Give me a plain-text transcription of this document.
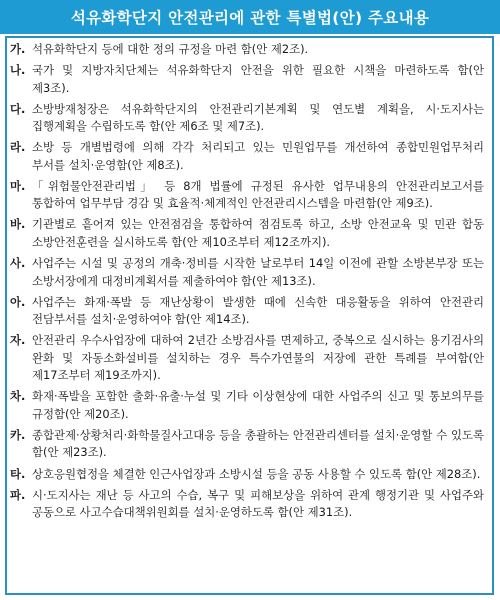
석유화학단지 안전관리에 관한 특별법(안) 주요내용
가. 석유화학단지 등에 대한 정의 규정을 마련 함(안 제2조).
나. 국가 및 지방자치단체는 석유화학단지 안전을 위한 필요한 시책을 마련하도록 함(안 제3조).
다. 소방방재청장은 석유화학단지의 안전관리기본계획 및 연도별 계획을, 시·도지사는 집행계획을 수립하도록 함(안 제6조 및 제7조).
라. 소방 등 개별법령에 의해 각각 처리되고 있는 민원업무를 개선하여 종합민원업무처리 부서를 설치·운영함(안 제8조).
마. 「위험물안전관리법」 등 8개 법률에 규정된 유사한 업무내용의 안전관리보고서를 통합하여 업무부담 경감 및 효율적·체계적인 안전관리시스템을 마련함(안 제9조).
바. 기관별로 흩어져 있는 안전점검을 통합하여 점검토록 하고, 소방 안전교육 및 민관 합동 소방안전훈련을 실시하도록 함(안 제10조부터 제12조까지).
사. 사업주는 시설 및 공정의 개축·정비를 시작한 날로부터 14일 이전에 관할 소방본부장 또는 소방서장에게 대정비계획서를 제출하여야 함(안 제13조).
아. 사업주는 화재·폭발 등 재난상황이 발생한 때에 신속한 대응활동을 위하여 안전관리 전담부서를 설치·운영하여야 함(안 제14조).
자. 안전관리 우수사업장에 대하여 2년간 소방검사를 면제하고, 중복으로 실시하는 용기검사의 완화 및 자동소화설비를 설치하는 경우 특수가연물의 저장에 관한 특례를 부여함(안 제17조부터 제19조까지).
차. 화재·폭발을 포함한 출화·유출·누설 및 기타 이상현상에 대한 사업주의 신고 및 통보의무를 규정함(안 제20조).
카. 종합관제·상황처리·화학물질사고대응 등을 총괄하는 안전관리센터를 설치·운영할 수 있도록 함(안 제23조).
타. 상호응원협정을 체결한 인근사업장과 소방시설 등을 공동 사용할 수 있도록 함(안 제28조).
파. 시·도지사는 재난 등 사고의 수습, 복구 및 피해보상을 위하여 관계 행정기관 및 사업주와 공동으로 사고수습대책위원회를 설치·운영하도록 함(안 제31조).
